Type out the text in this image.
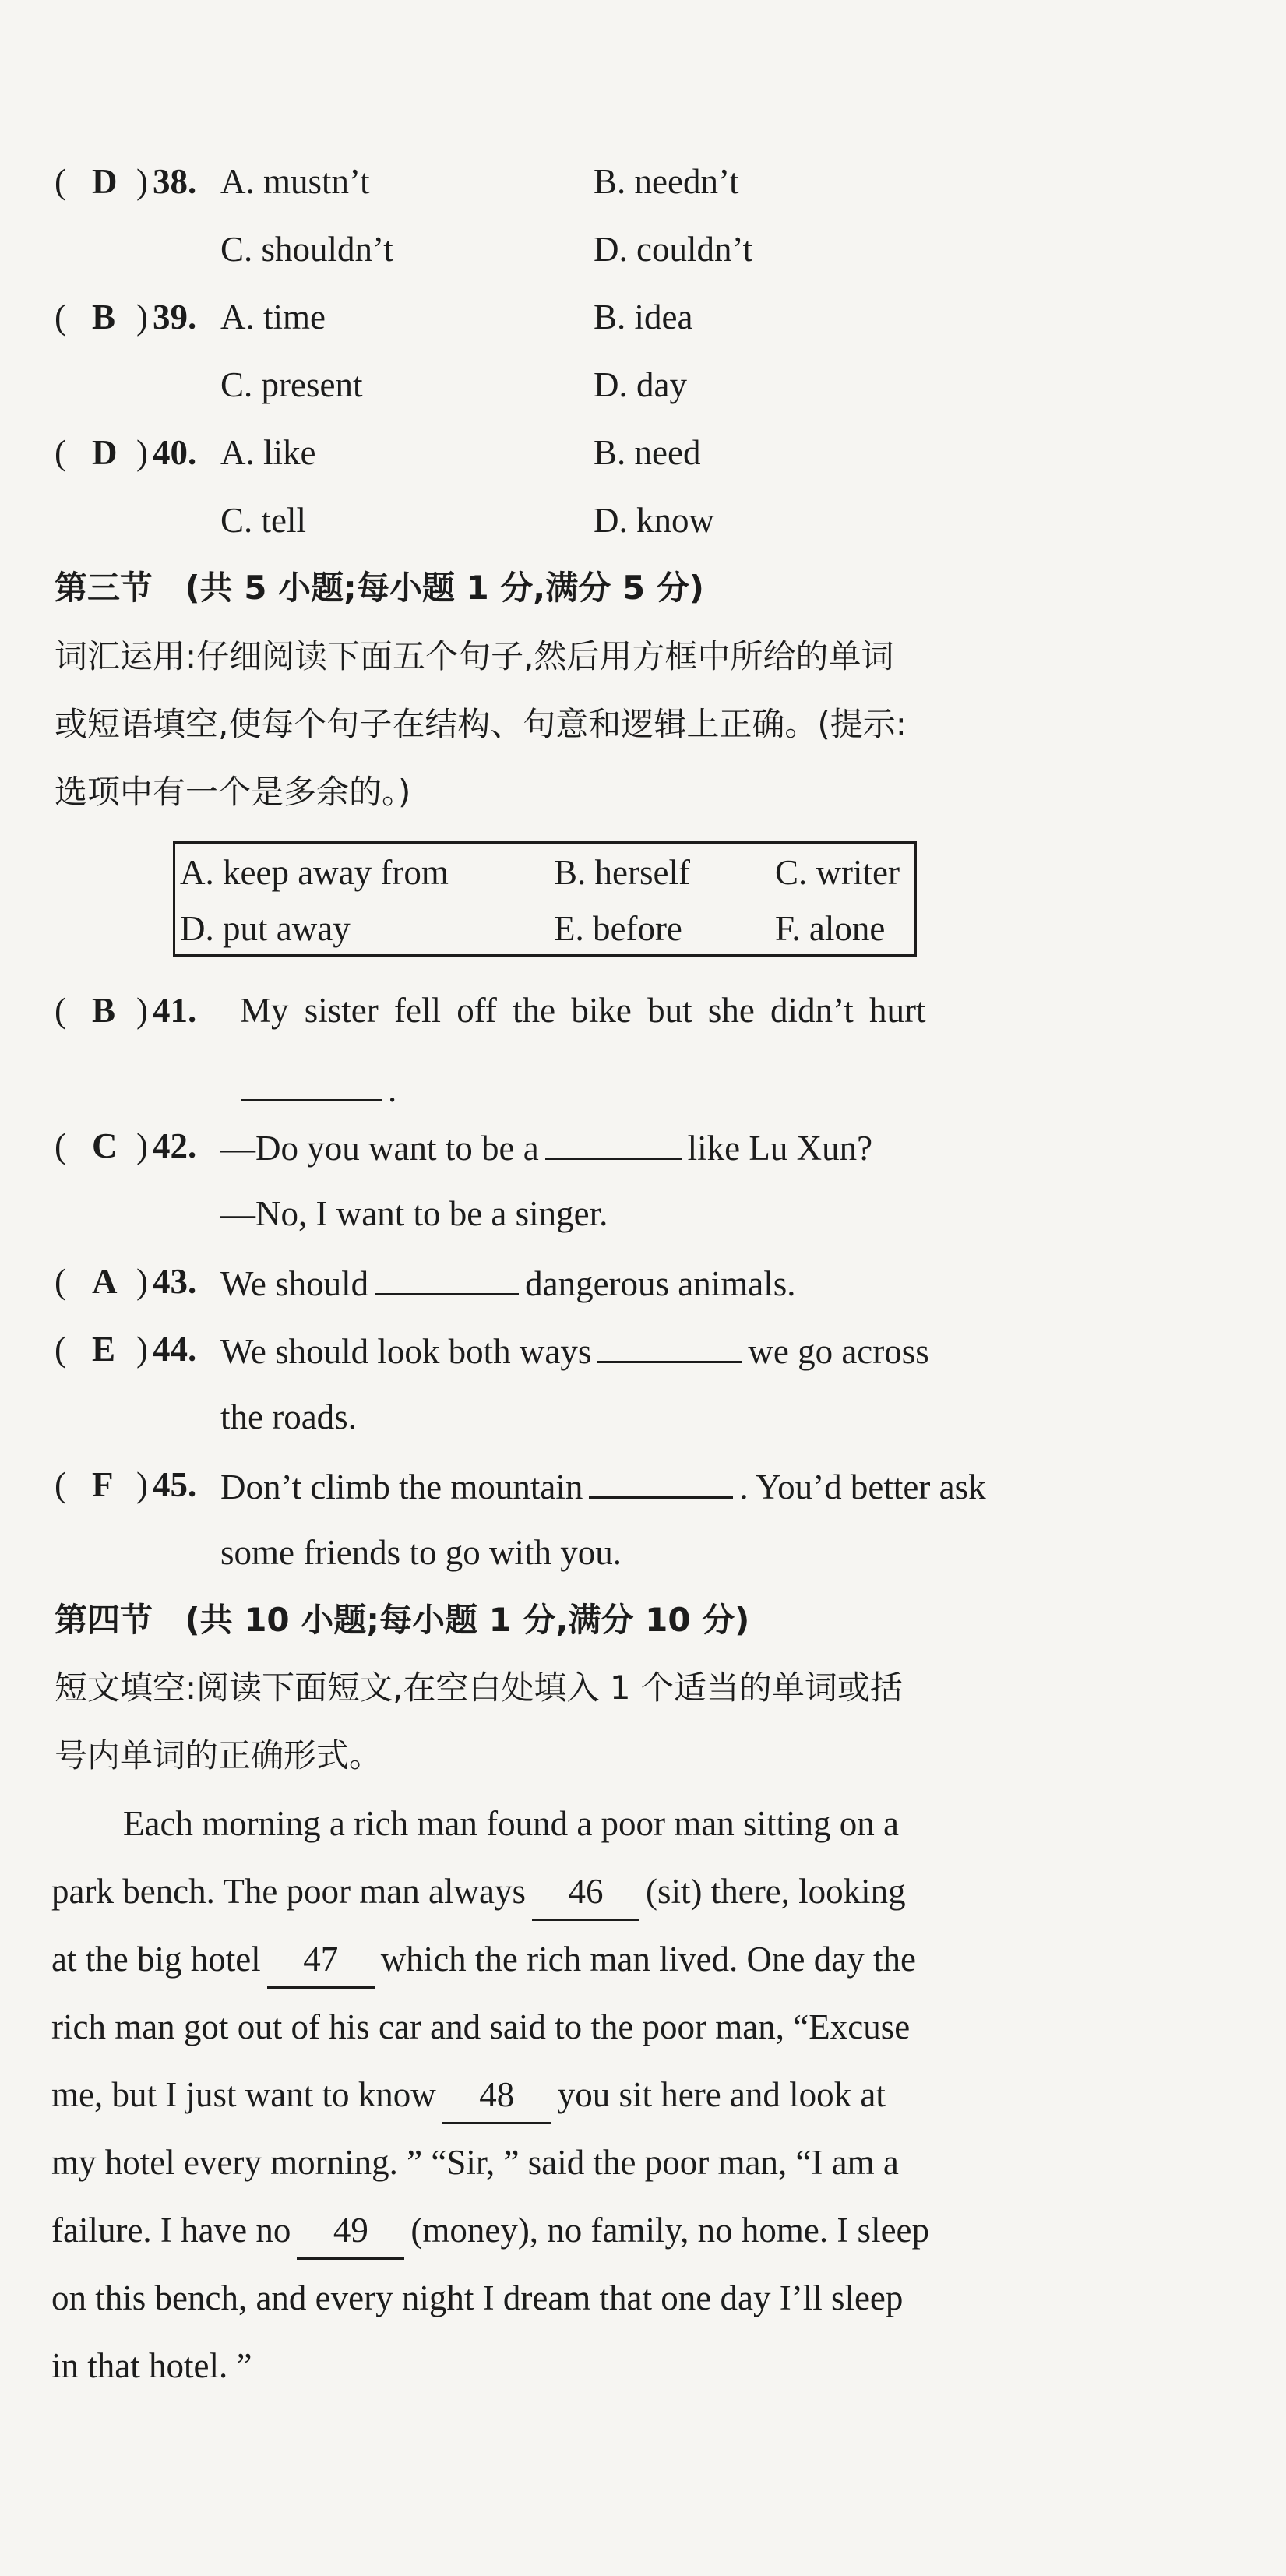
( D ) 38. A. mustn’t	B. needn’t
C. shouldn’t	D. couldn’t
( B ) 39. A. time	B. idea
C. present	D. day
( D ) 40. A. like	B. need
C. tell	D. know
第三节 (共 5 小题;每小题 1 分,满分 5 分)
词汇运用:仔细阅读下面五个句子,然后用方框中所给的单词
或短语填空,使每个句子在结构、句意和逻辑上正确。(提示:
选项中有一个是多余的。)
A. keep away from	B. herself C. writer
D. put away	E. before	F. alone
( B ) 41. My sister fell off the bike but she didn’t hurt
.
( C ) 42. —Do you want to be a	like Lu Xun?
—No, I want to be a singer.
( A ) 43. We should	dangerous animals.
( E ) 44. We should look both ways	we go across
the roads.
( F ) 45. Don’t climb the mountain	. You’d better ask
some friends to go with you.
第四节 (共 10 小题;每小题 1 分,满分 10 分)
短文填空:阅读下面短文,在空白处填入 1 个适当的单词或括
号内单词的正确形式。
Each morning a rich man found a poor man sitting on a
park bench. The poor man always 46 (sit) there, looking
at the big hotel 47 which the rich man lived. One day the
rich man got out of his car and said to the poor man, “Excuse
me, but I just want to know 48 you sit here and look at
my hotel every morning. ” “Sir, ” said the poor man, “I am a
failure. I have no 49 (money), no family, no home. I sleep
on this bench, and every night I dream that one day I’ll sleep
in that hotel. ”
